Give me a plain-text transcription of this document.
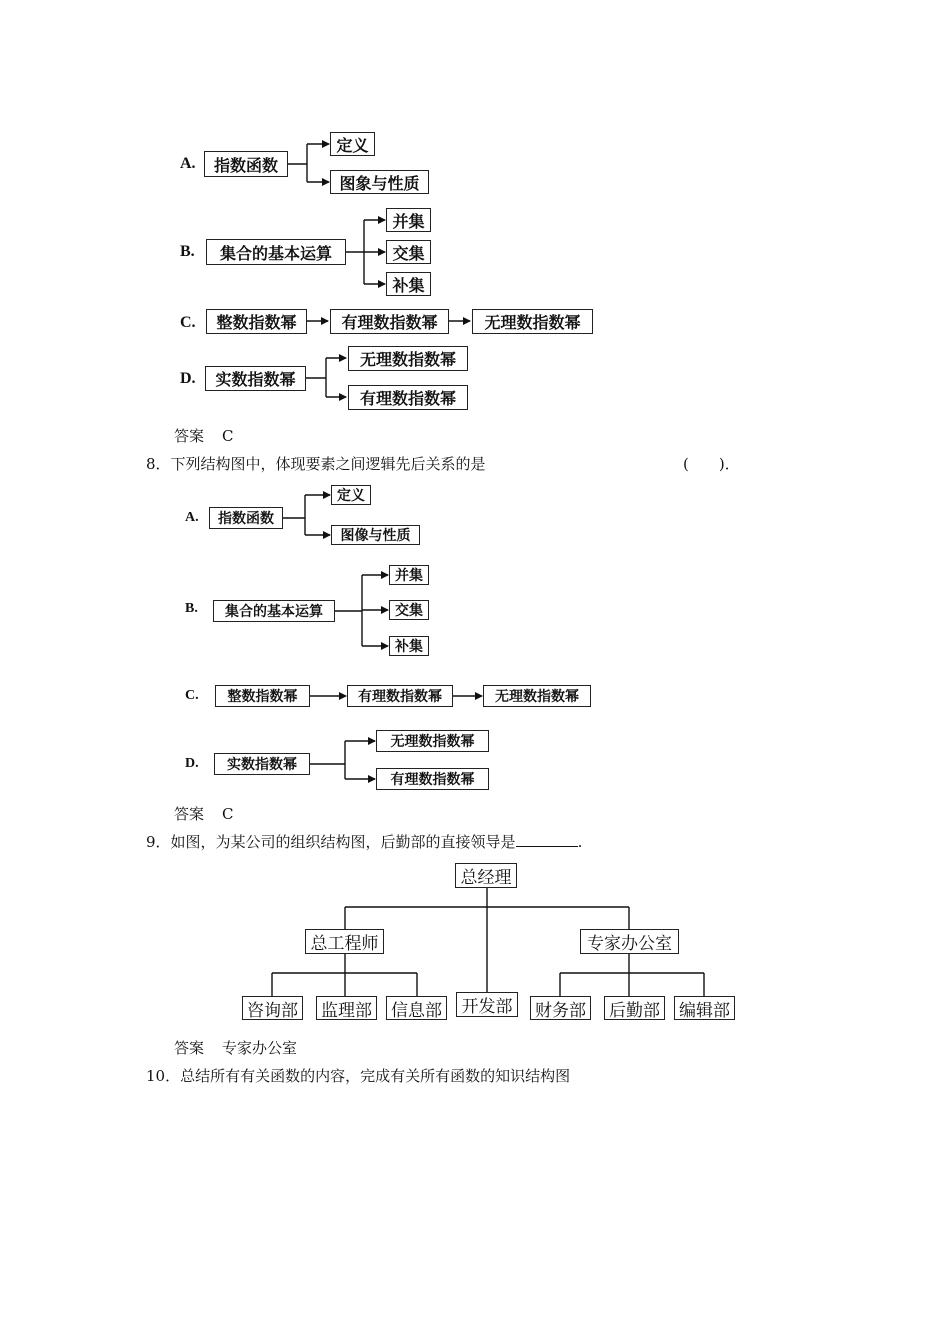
A.	指数函数
定义
图象与性质
B.	集合的基本运算
并集
交集
补集
C.	整数指数幂	有理数指数幂	无理数指数幂
D.	实数指数幂
无理数指数幂
有理数指数幂
答案 C
8．下列结构图中，体现要素之间逻辑先后关系的是	(　　)．
A.	指数函数
定义
图像与性质
B.	集合的基本运算
并集
交集
补集
C.	整数指数幂	有理数指数幂	无理数指数幂
D.	实数指数幂
无理数指数幂
有理数指数幂
答案 C
9．如图，为某公司的组织结构图，后勤部的直接领导是	.
总经理
总工程师	专家办公室
开发部
咨询部 监理部 信息部	财务部 后勤部 编辑部
答案 专家办公室
10．总结所有有关函数的内容，完成有关所有函数的知识结构图
